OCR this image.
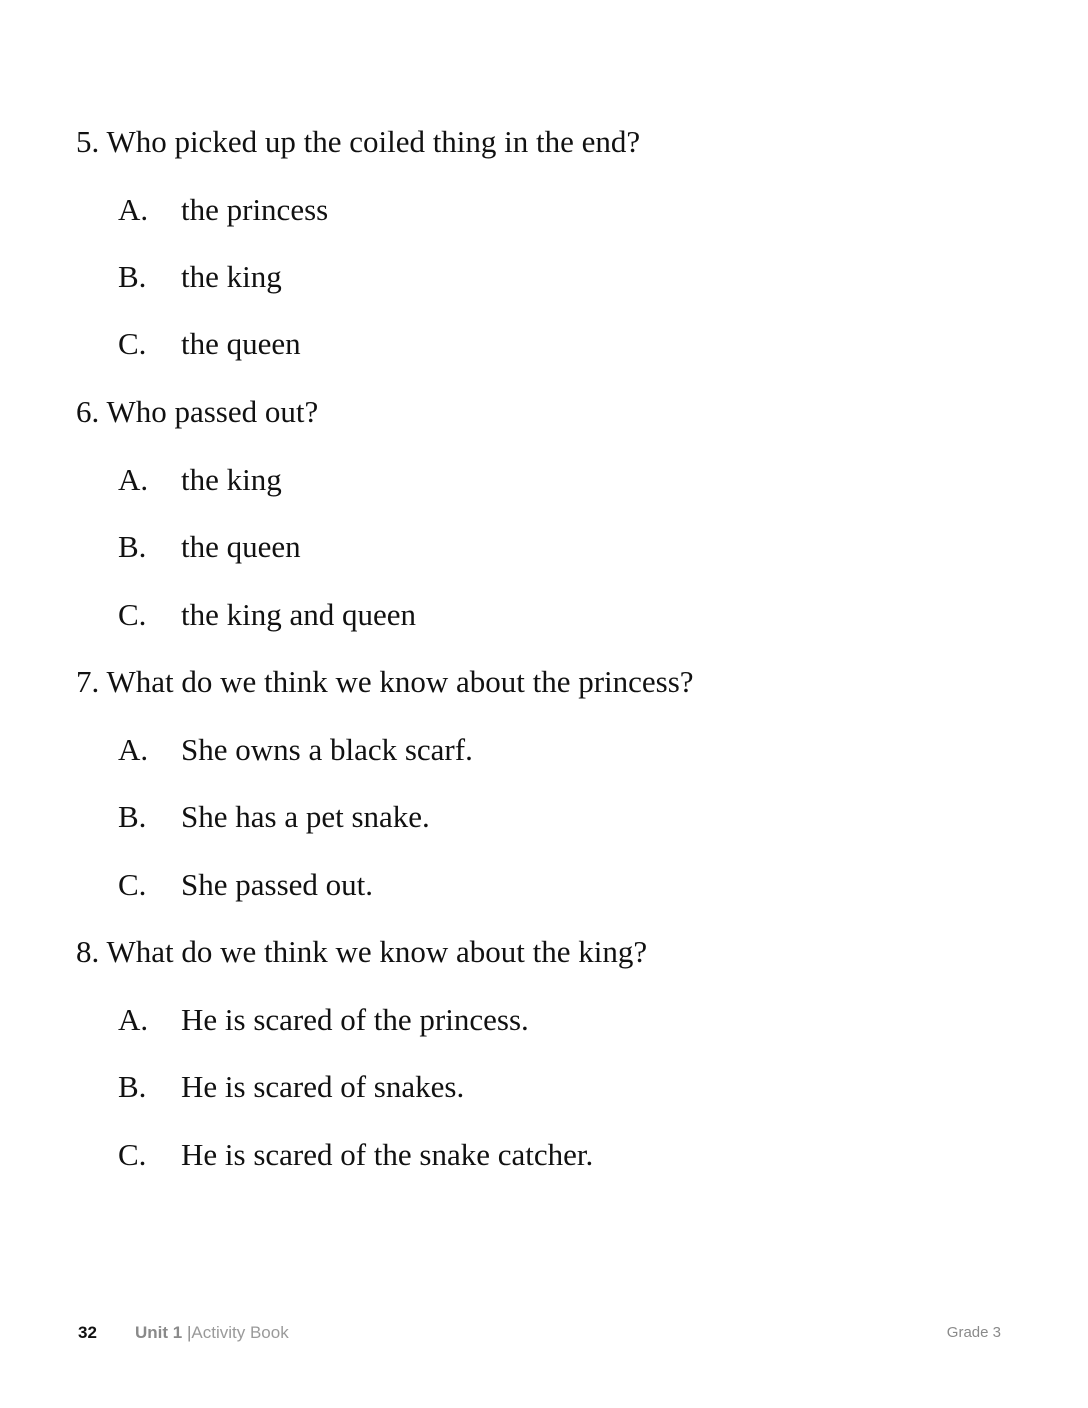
5. Who picked up the coiled thing in the end?
A. the princess
B. the king
C. the queen
6. Who passed out?
A. the king
B. the queen
C. the king and queen
7. What do we think we know about the princess?
A. She owns a black scarf.
B. She has a pet snake.
C. She passed out.
8. What do we think we know about the king?
A. He is scared of the princess.
B. He is scared of snakes.
C. He is scared of the snake catcher.
32 Unit 1 |Activity Book	Grade 3
